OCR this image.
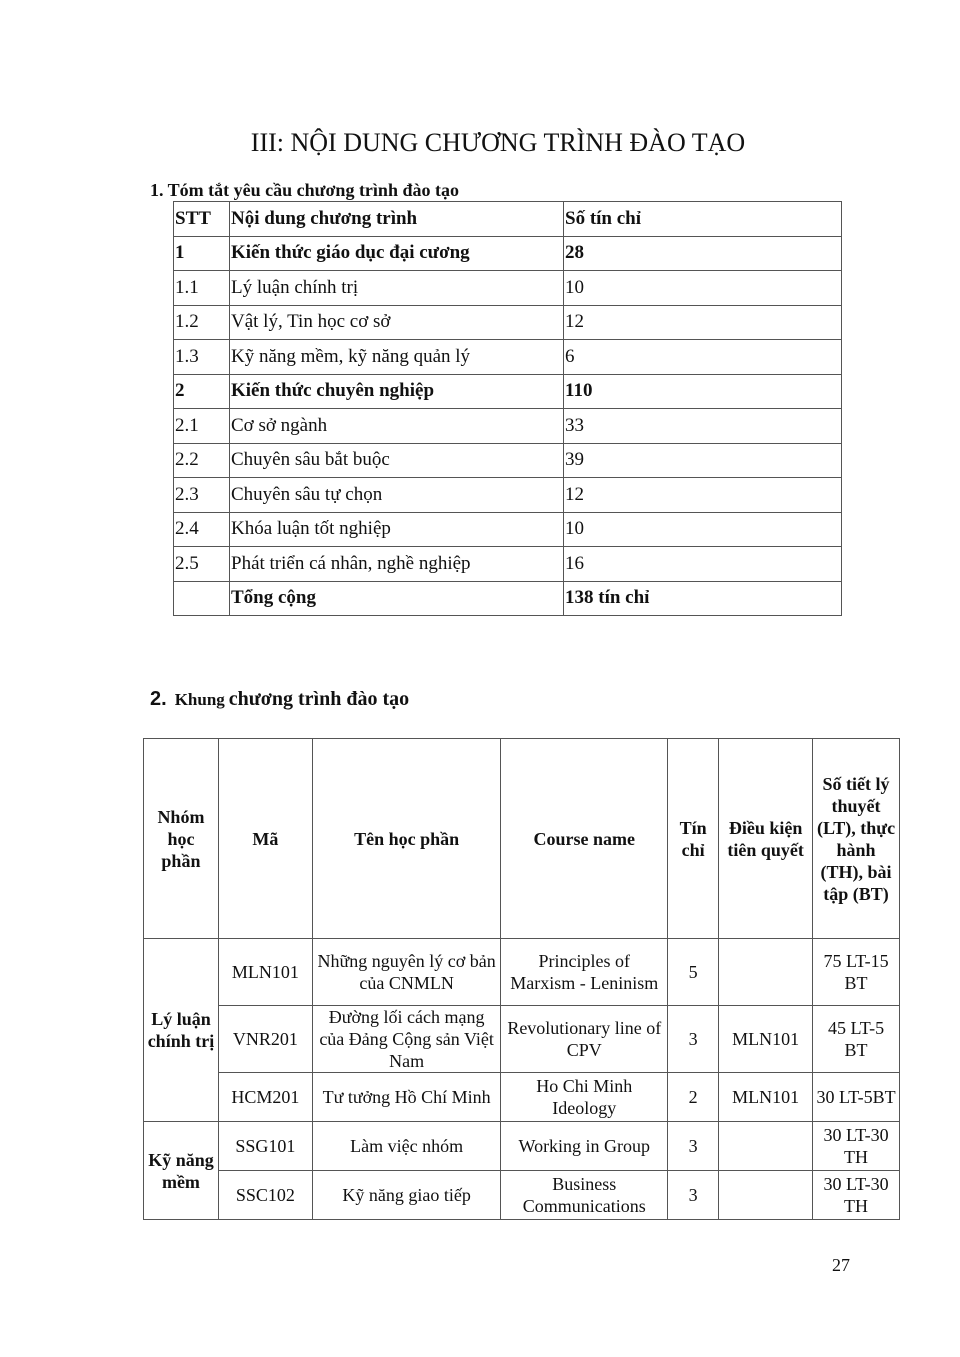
III: NỘI DUNG CHƯƠNG TRÌNH ĐÀO TẠO
1. Tóm tắt yêu cầu chương trình đào tạo
STT	Nội dung chương trình	Số tín chỉ
1	Kiến thức giáo dục đại cương	28
1.1	Lý luận chính trị	10
1.2	Vật lý, Tin học cơ sở	12
1.3	Kỹ năng mềm, kỹ năng quản lý	6
2	Kiến thức chuyên nghiệp	110
2.1	Cơ sở ngành	33
2.2	Chuyên sâu bắt buộc	39
2.3	Chuyên sâu tự chọn	12
2.4	Khóa luận tốt nghiệp	10
2.5	Phát triển cá nhân, nghề nghiệp	16
	Tổng cộng	138 tín chỉ
2. Khung chương trình đào tạo
Nhóm học phần	Mã	Tên học phần	Course name	Tín chỉ	Điều kiện tiên quyết	Số tiết lý thuyết (LT), thực hành (TH), bài tập (BT)
Lý luận chính trị	MLN101	Những nguyên lý cơ bản của CNMLN	Principles of Marxism - Leninism	5		75 LT-15 BT
	VNR201	Đường lối cách mạng của Đảng Cộng sản Việt Nam	Revolutionary line of CPV	3	MLN101	45 LT-5 BT
	HCM201	Tư tưởng Hồ Chí Minh	Ho Chi Minh Ideology	2	MLN101	30 LT-5BT
Kỹ năng mềm	SSG101	Làm việc nhóm	Working in Group	3		30 LT-30 TH
	SSC102	Kỹ năng giao tiếp	Business Communications	3		30 LT-30 TH
27
